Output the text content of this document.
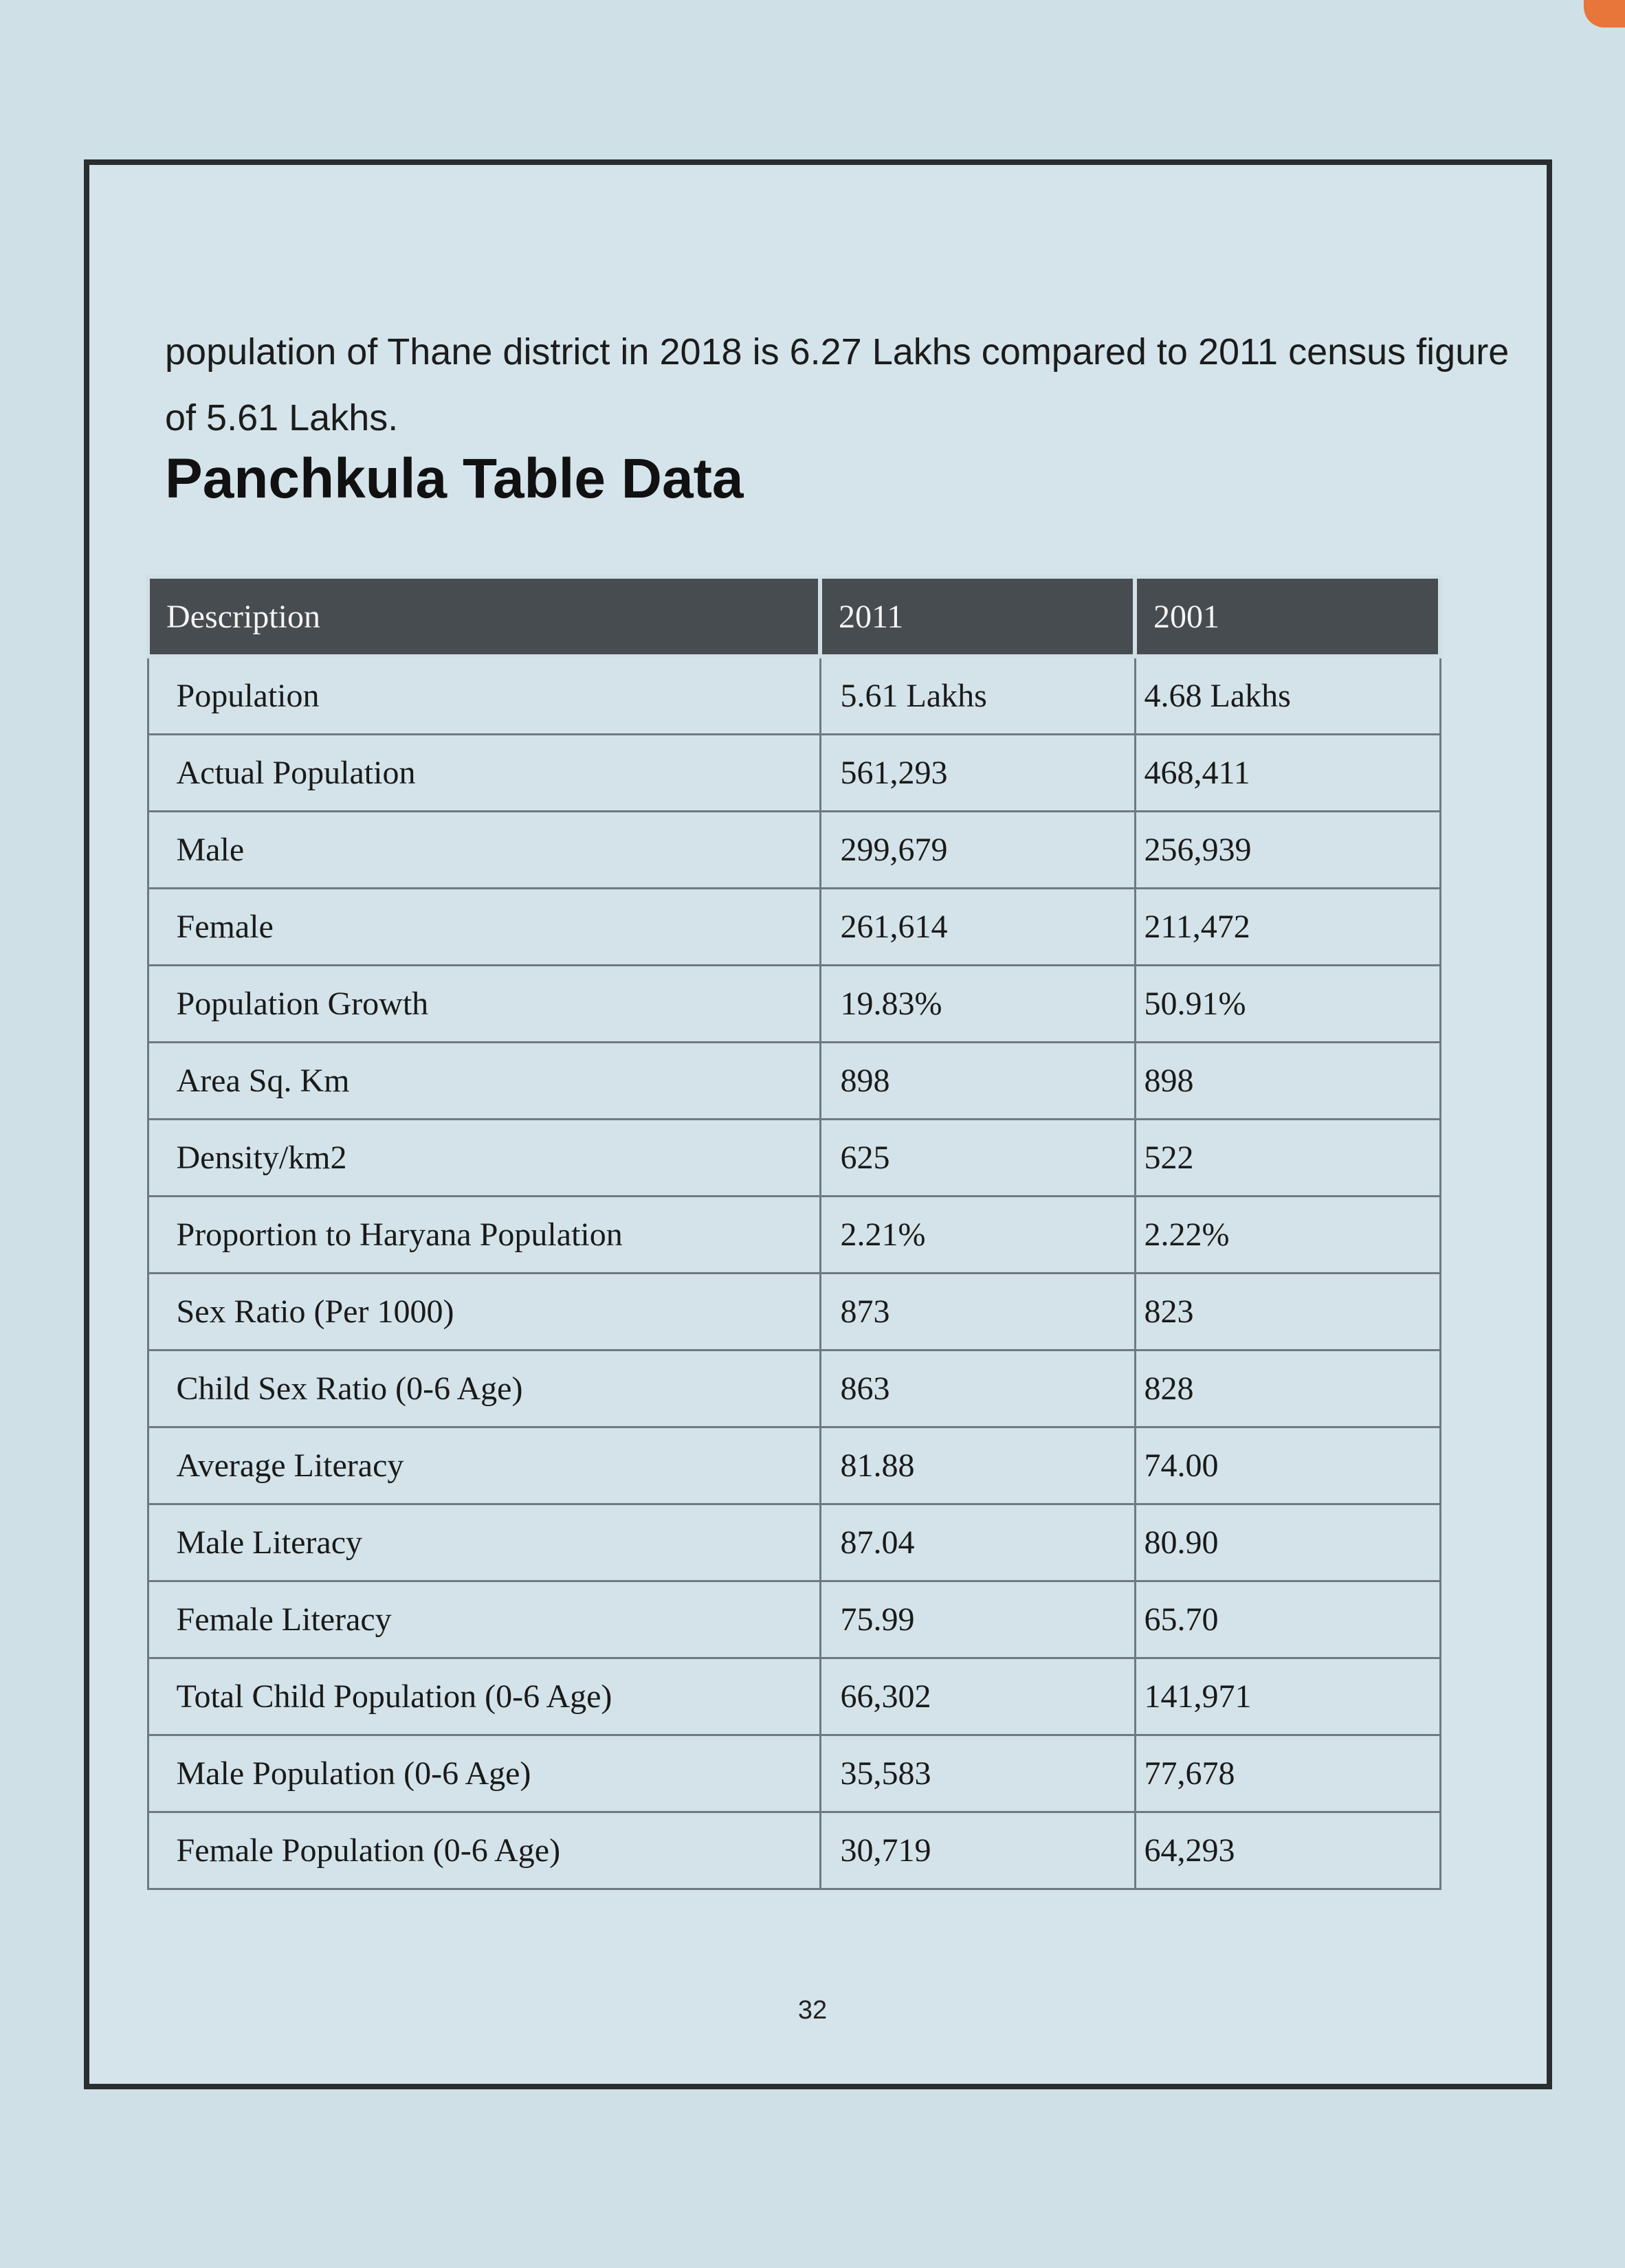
population of Thane district in 2018 is 6.27 Lakhs compared to 2011 census figure of 5.61 Lakhs.

Panchkula Table Data
Description	2011	2001
Population	5.61 Lakhs	4.68 Lakhs
Actual Population	561,293	468,411
Male	299,679	256,939
Female	261,614	211,472
Population Growth	19.83%	50.91%
Area Sq. Km	898	898
Density/km2	625	522
Proportion to Haryana Population	2.21%	2.22%
Sex Ratio (Per 1000)	873	823
Child Sex Ratio (0-6 Age)	863	828
Average Literacy	81.88	74.00
Male Literacy	87.04	80.90
Female Literacy	75.99	65.70
Total Child Population (0-6 Age)	66,302	141,971
Male Population (0-6 Age)	35,583	77,678
Female Population (0-6 Age)	30,719	64,293
32
